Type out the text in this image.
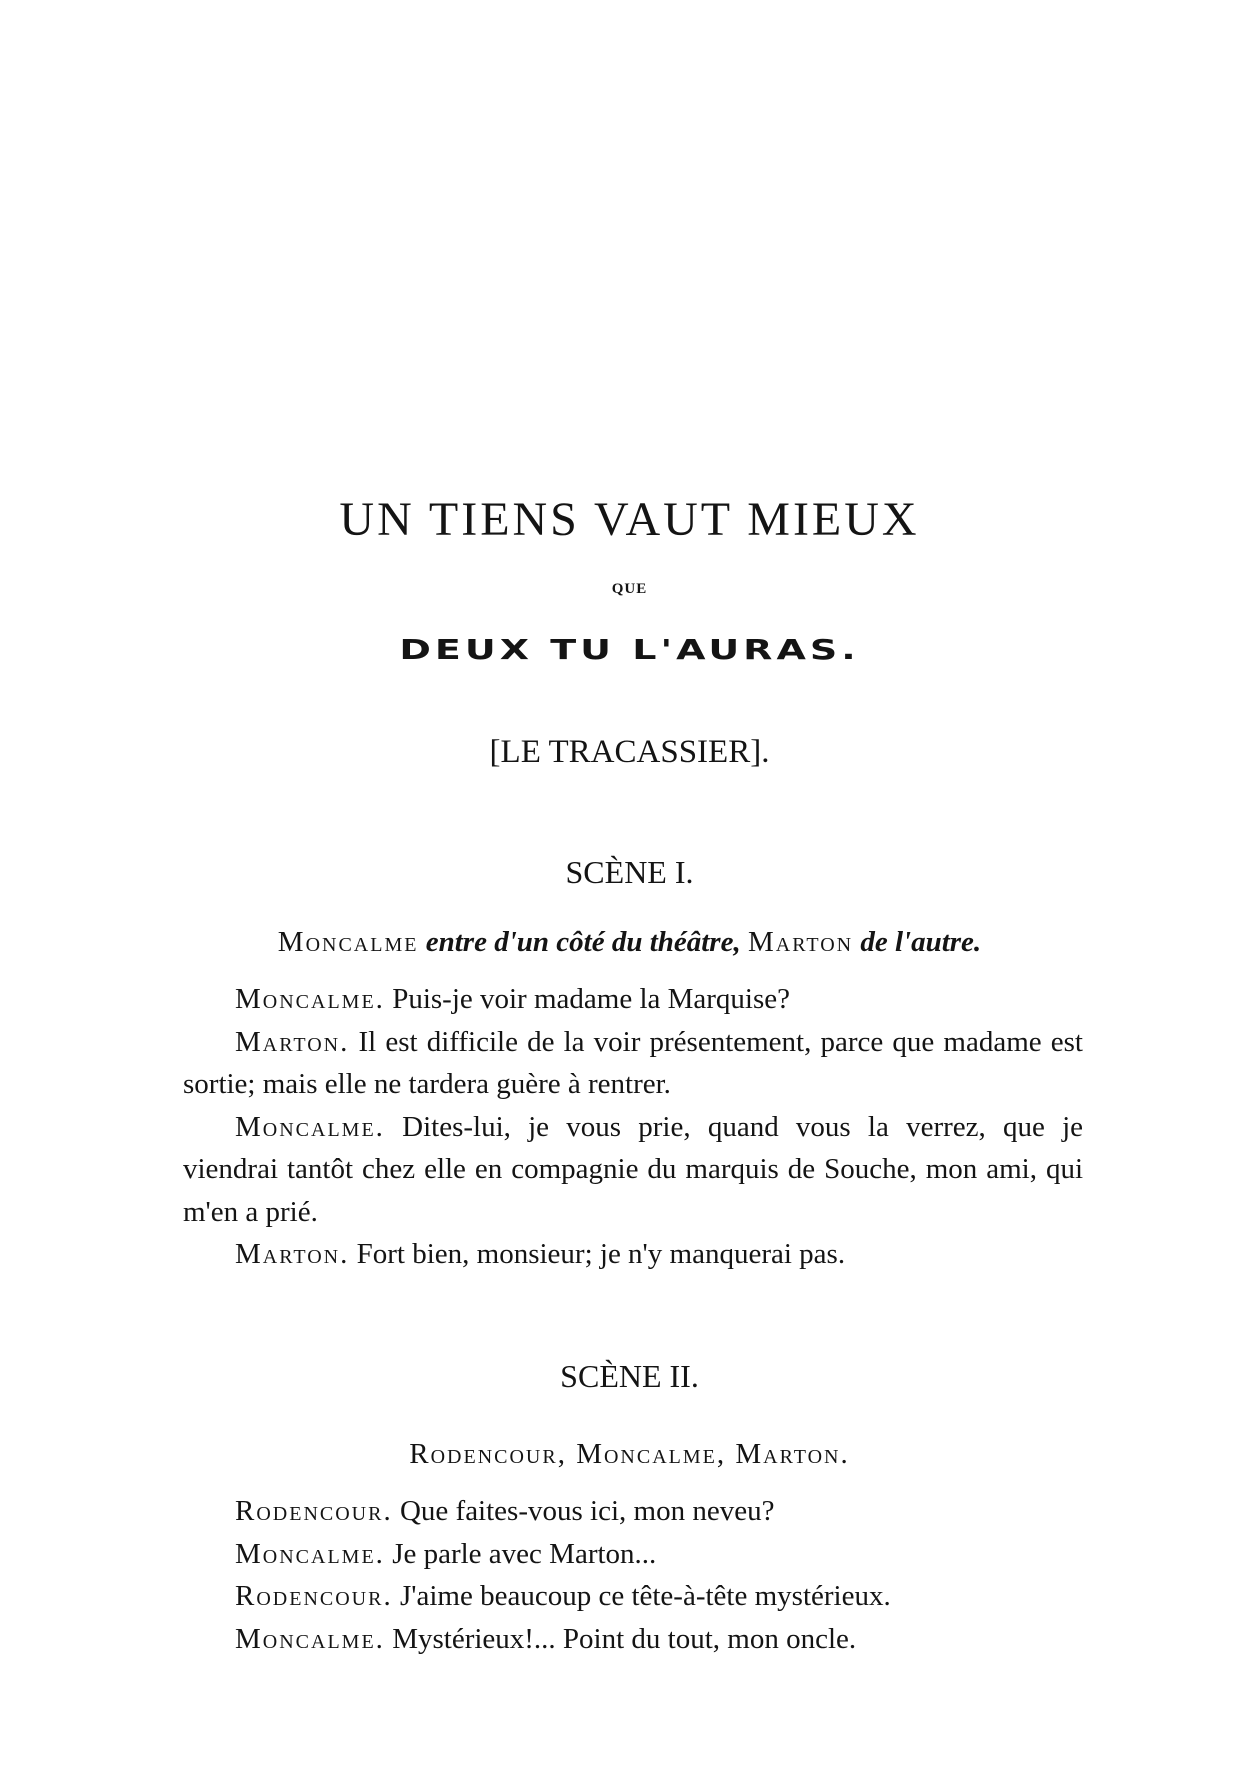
UN TIENS VAUT MIEUX
QUE
DEUX TU L'AURAS.
[LE TRACASSIER].
SCÈNE I.
Moncalme entre d'un côté du théâtre, Marton de l'autre.

Moncalme. Puis-je voir madame la Marquise?

Marton. Il est difficile de la voir présentement, parce que madame est sortie; mais elle ne tardera guère à rentrer.

Moncalme. Dites-lui, je vous prie, quand vous la verrez, que je viendrai tantôt chez elle en compagnie du marquis de Souche, mon ami, qui m'en a prié.

Marton. Fort bien, monsieur; je n'y manquerai pas.

SCÈNE II.
Rodencour, Moncalme, Marton.

Rodencour. Que faites-vous ici, mon neveu?

Moncalme. Je parle avec Marton...

Rodencour. J'aime beaucoup ce tête-à-tête mystérieux.

Moncalme. Mystérieux!... Point du tout, mon oncle.
